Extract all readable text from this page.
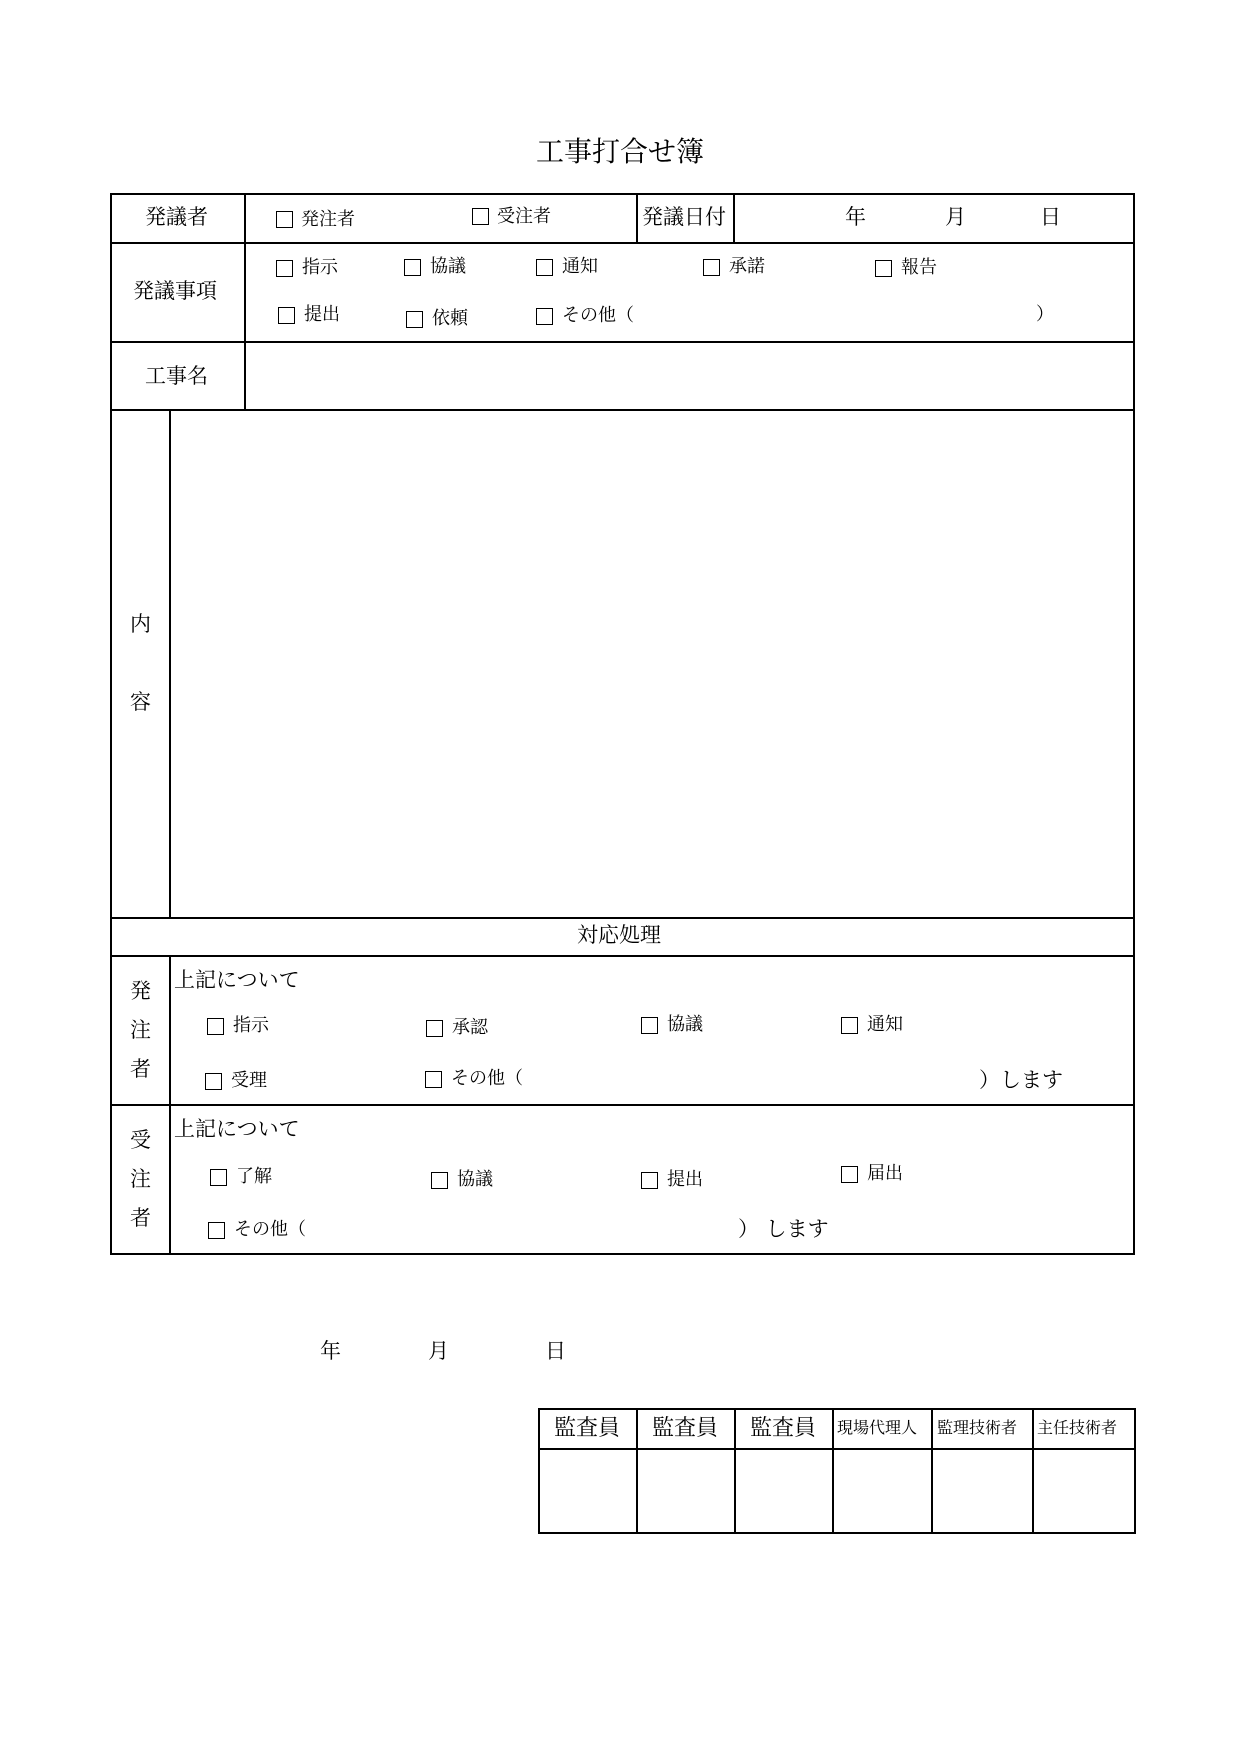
工事打合せ簿
発議者	発注者	受注者	発議日付	年	月	日
発議事項
指示	協議	通知	承諾	報告
提出	依頼	その他（	）
工事名
内
容
対応処理
発
注
者
上記について
指示	承認	協議	通知
受理	その他（	）します
受
注
者
上記について
了解	協議	提出	届出
その他（	） します
年	月	日
監査員 監査員 監査員 現場代理人 監理技術者 主任技術者
